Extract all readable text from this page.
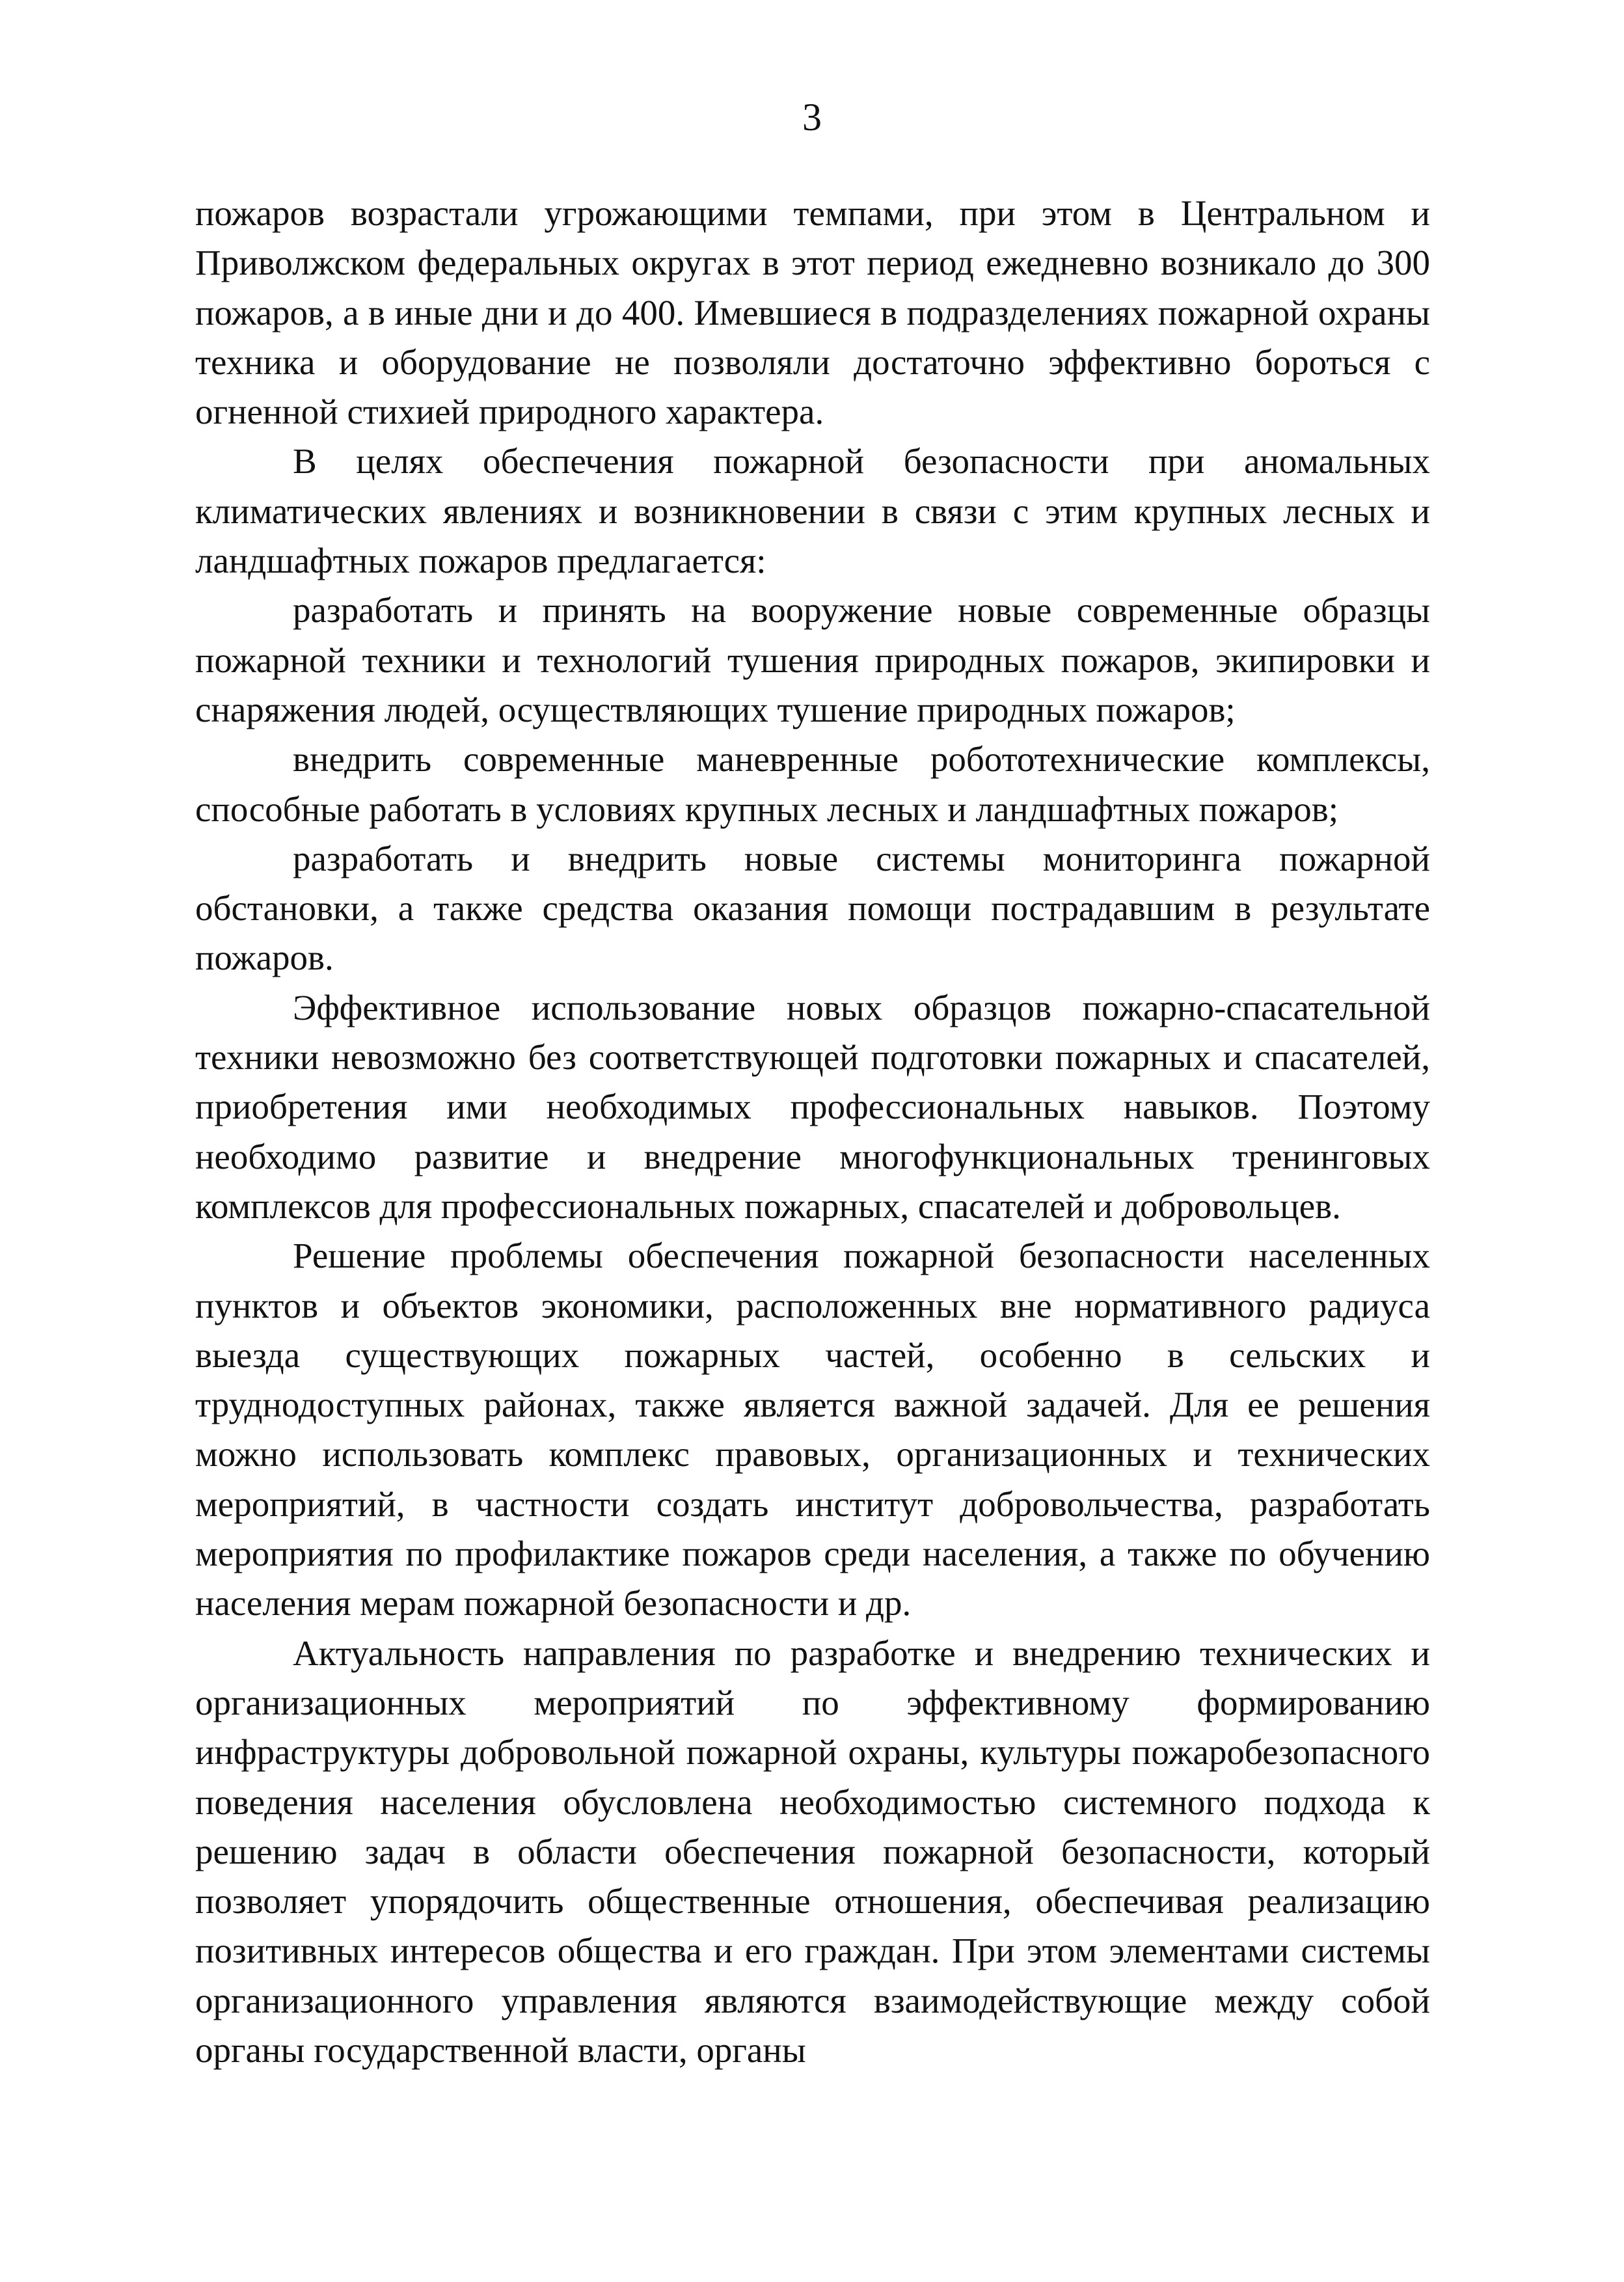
3

пожаров возрастали угрожающими темпами, при этом в Центральном и Приволжском федеральных округах в этот период ежедневно возникало до 300 пожаров, а в иные дни и до 400. Имевшиеся в подразделениях пожарной охраны техника и оборудование не позволяли достаточно эффективно бороться с огненной стихией природного характера.

В целях обеспечения пожарной безопасности при аномальных климатических явлениях и возникновении в связи с этим крупных лесных и ландшафтных пожаров предлагается:

разработать и принять на вооружение новые современные образцы пожарной техники и технологий тушения природных пожаров, экипировки и снаряжения людей, осуществляющих тушение природных пожаров;

внедрить современные маневренные робототехнические комплексы, способные работать в условиях крупных лесных и ландшафтных пожаров;

разработать и внедрить новые системы мониторинга пожарной обстановки, а также средства оказания помощи пострадавшим в результате пожаров.

Эффективное использование новых образцов пожарно-спасательной техники невозможно без соответствующей подготовки пожарных и спасателей, приобретения ими необходимых профессиональных навыков. Поэтому необходимо развитие и внедрение многофункциональных тренинговых комплексов для профессиональных пожарных, спасателей и добровольцев.

Решение проблемы обеспечения пожарной безопасности населенных пунктов и объектов экономики, расположенных вне нормативного радиуса выезда существующих пожарных частей, особенно в сельских и труднодоступных районах, также является важной задачей. Для ее решения можно использовать комплекс правовых, организационных и технических мероприятий, в частности создать институт добровольчества, разработать мероприятия по профилактике пожаров среди населения, а также по обучению населения мерам пожарной безопасности и др.

Актуальность направления по разработке и внедрению технических и организационных мероприятий по эффективному формированию инфраструктуры добровольной пожарной охраны, культуры пожаробезопасного поведения населения обусловлена необходимостью системного подхода к решению задач в области обеспечения пожарной безопасности, который позволяет упорядочить общественные отношения, обеспечивая реализацию позитивных интересов общества и его граждан. При этом элементами системы организационного управления являются взаимодействующие между собой органы государственной власти, органы
